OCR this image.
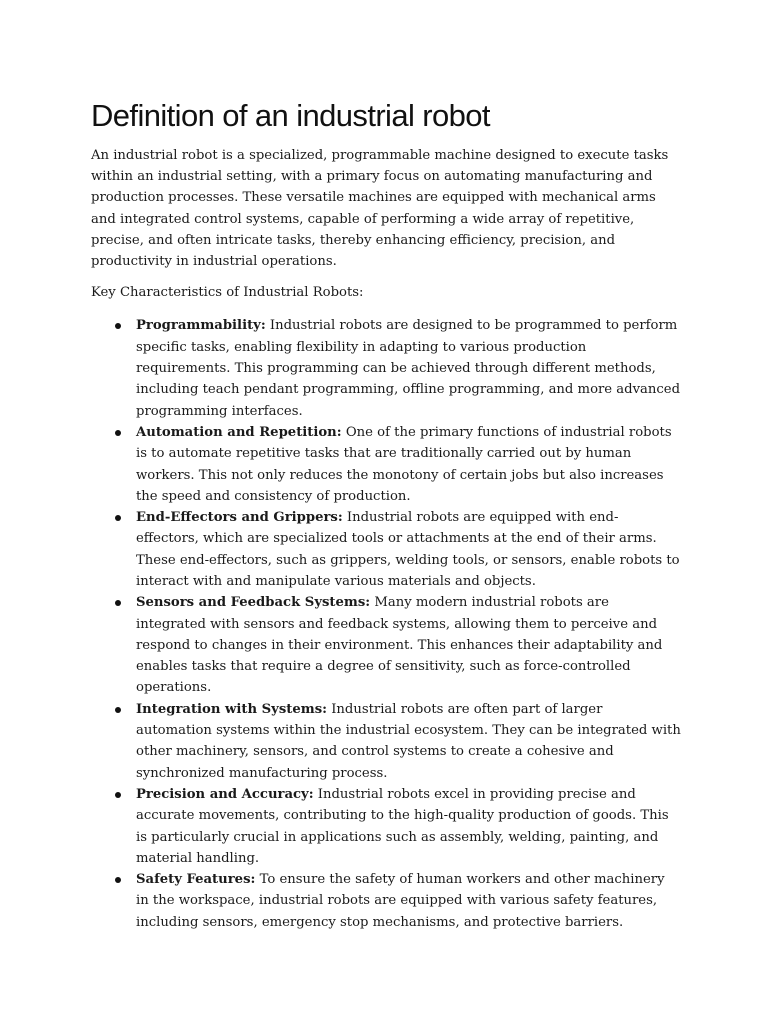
Definition of an industrial robot

An industrial robot is a specialized, programmable machine designed to execute tasks within an industrial setting, with a primary focus on automating manufacturing and production processes. These versatile machines are equipped with mechanical arms and integrated control systems, capable of performing a wide array of repetitive, precise, and often intricate tasks, thereby enhancing efficiency, precision, and productivity in industrial operations.

Key Characteristics of Industrial Robots:

Programmability: Industrial robots are designed to be programmed to perform specific tasks, enabling flexibility in adapting to various production requirements. This programming can be achieved through different methods, including teach pendant programming, offline programming, and more advanced programming interfaces.
Automation and Repetition: One of the primary functions of industrial robots is to automate repetitive tasks that are traditionally carried out by human workers. This not only reduces the monotony of certain jobs but also increases the speed and consistency of production.
End-Effectors and Grippers: Industrial robots are equipped with end-effectors, which are specialized tools or attachments at the end of their arms. These end-effectors, such as grippers, welding tools, or sensors, enable robots to interact with and manipulate various materials and objects.
Sensors and Feedback Systems: Many modern industrial robots are integrated with sensors and feedback systems, allowing them to perceive and respond to changes in their environment. This enhances their adaptability and enables tasks that require a degree of sensitivity, such as force-controlled operations.
Integration with Systems: Industrial robots are often part of larger automation systems within the industrial ecosystem. They can be integrated with other machinery, sensors, and control systems to create a cohesive and synchronized manufacturing process.
Precision and Accuracy: Industrial robots excel in providing precise and accurate movements, contributing to the high-quality production of goods. This is particularly crucial in applications such as assembly, welding, painting, and material handling.
Safety Features: To ensure the safety of human workers and other machinery in the workspace, industrial robots are equipped with various safety features, including sensors, emergency stop mechanisms, and protective barriers.
